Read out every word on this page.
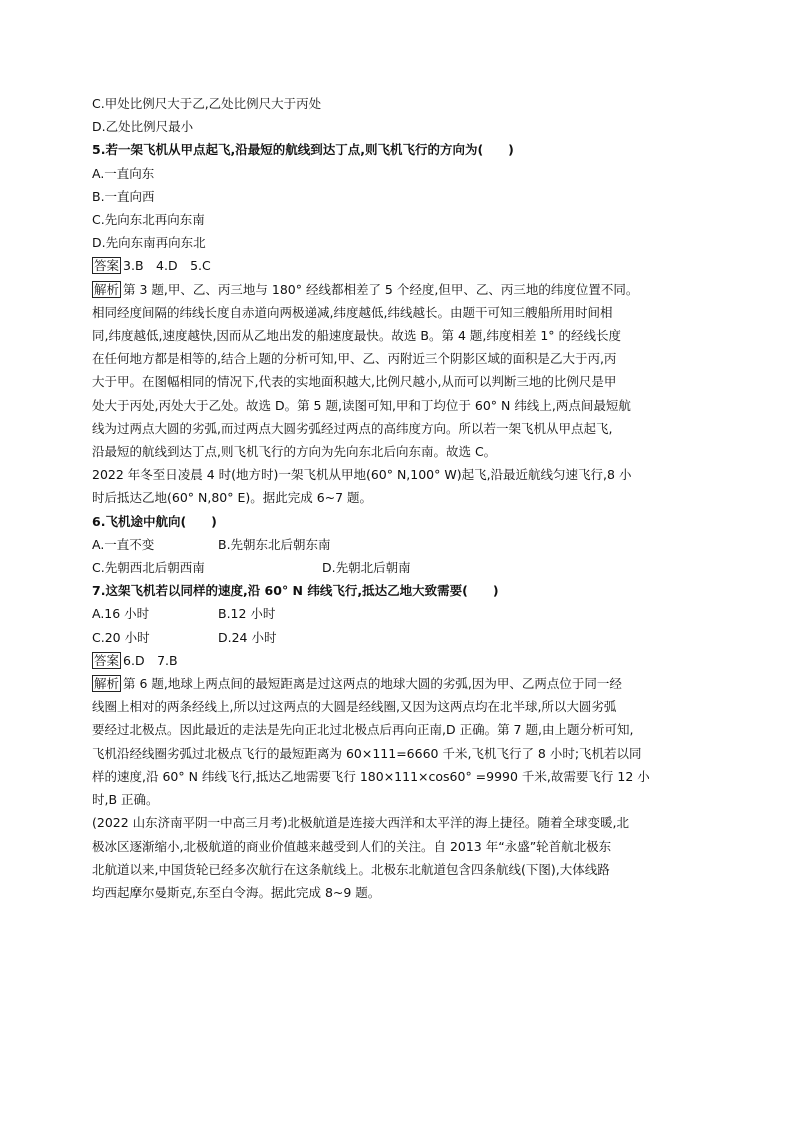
C.甲处比例尺大于乙,乙处比例尺大于丙处
D.乙处比例尺最小
5.若一架飞机从甲点起飞,沿最短的航线到达丁点,则飞机飞行的方向为(　　)
A.一直向东
B.一直向西
C.先向东北再向东南
D.先向东南再向东北
答案 3.B　4.D　5.C
解析 第 3 题,甲、乙、丙三地与 180° 经线都相差了 5 个经度,但甲、乙、丙三地的纬度位置不同。
相同经度间隔的纬线长度自赤道向两极递减,纬度越低,纬线越长。由题干可知三艘船所用时间相
同,纬度越低,速度越快,因而从乙地出发的船速度最快。故选 B。第 4 题,纬度相差 1° 的经线长度
在任何地方都是相等的,结合上题的分析可知,甲、乙、丙附近三个阴影区域的面积是乙大于丙,丙
大于甲。在图幅相同的情况下,代表的实地面积越大,比例尺越小,从而可以判断三地的比例尺是甲
处大于丙处,丙处大于乙处。故选 D。第 5 题,读图可知,甲和丁均位于 60° N 纬线上,两点间最短航
线为过两点大圆的劣弧,而过两点大圆劣弧经过两点的高纬度方向。所以若一架飞机从甲点起飞,
沿最短的航线到达丁点,则飞机飞行的方向为先向东北后向东南。故选 C。
2022 年冬至日凌晨 4 时(地方时)一架飞机从甲地(60° N,100° W)起飞,沿最近航线匀速飞行,8 小
时后抵达乙地(60° N,80° E)。据此完成 6~7 题。
6.飞机途中航向(　　)
A.一直不变	B.先朝东北后朝东南
C.先朝西北后朝西南	D.先朝北后朝南
7.这架飞机若以同样的速度,沿 60° N 纬线飞行,抵达乙地大致需要(　　)
A.16 小时	B.12 小时
C.20 小时	D.24 小时
答案 6.D　7.B
解析 第 6 题,地球上两点间的最短距离是过这两点的地球大圆的劣弧,因为甲、乙两点位于同一经
线圈上相对的两条经线上,所以过这两点的大圆是经线圈,又因为这两点均在北半球,所以大圆劣弧
要经过北极点。因此最近的走法是先向正北过北极点后再向正南,D 正确。第 7 题,由上题分析可知,
飞机沿经线圈劣弧过北极点飞行的最短距离为 60×111=6660 千米,飞机飞行了 8 小时;飞机若以同
样的速度,沿 60° N 纬线飞行,抵达乙地需要飞行 180×111×cos60° =9990 千米,故需要飞行 12 小
时,B 正确。
(2022 山东济南平阴一中高三月考)北极航道是连接大西洋和太平洋的海上捷径。随着全球变暖,北
极冰区逐渐缩小,北极航道的商业价值越来越受到人们的关注。自 2013 年“永盛”轮首航北极东
北航道以来,中国货轮已经多次航行在这条航线上。北极东北航道包含四条航线(下图),大体线路
均西起摩尔曼斯克,东至白令海。据此完成 8~9 题。
